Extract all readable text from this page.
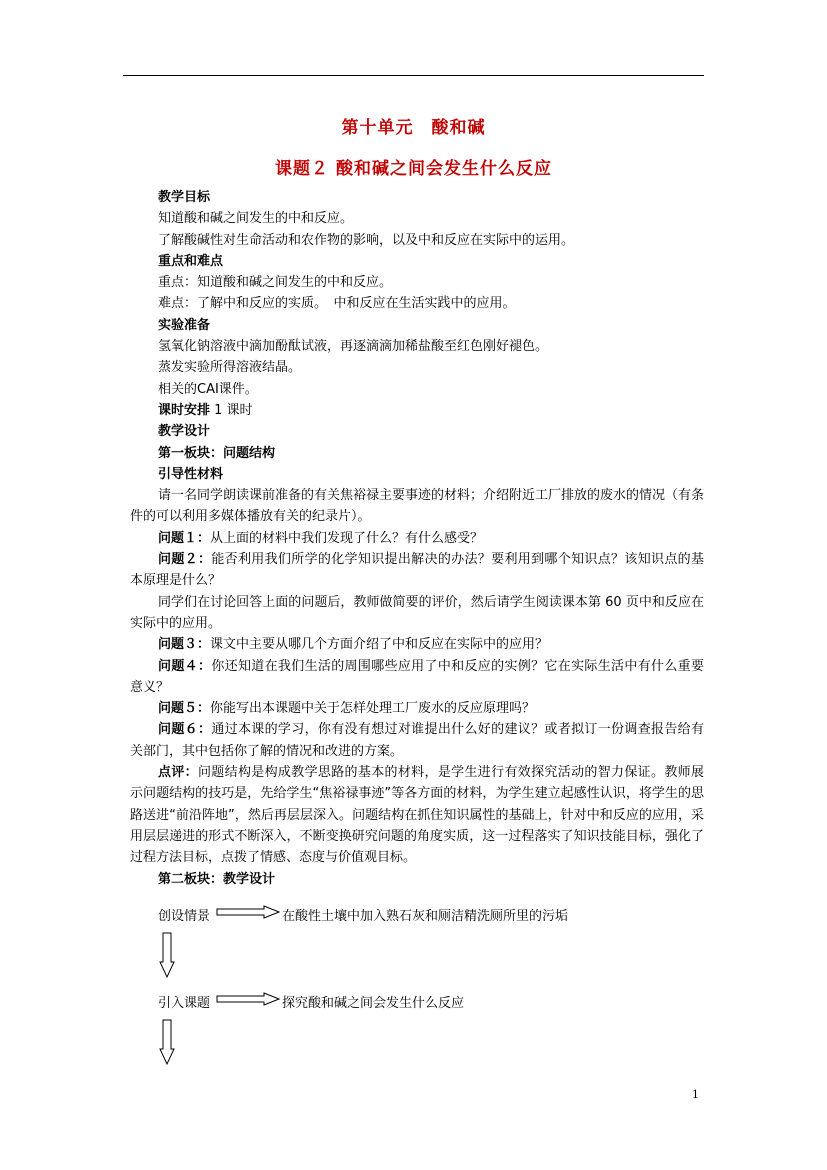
第十单元　酸和碱
课题２ 酸和碱之间会发生什么反应

教学目标

知道酸和碱之间发生的中和反应。

了解酸碱性对生命活动和农作物的影响，以及中和反应在实际中的运用。

重点和难点

重点：知道酸和碱之间发生的中和反应。

难点：了解中和反应的实质。　中和反应在生活实践中的应用。

实验准备

氢氧化钠溶液中滴加酚酞试液，再逐滴滴加稀盐酸至红色刚好褪色。

蒸发实验所得溶液结晶。

相关的CAI课件。

课时安排 1 课时

教学设计

第一板块：问题结构

引导性材料

请一名同学朗读课前准备的有关焦裕禄主要事迹的材料；介绍附近工厂排放的废水的情况（有条件的可以利用多媒体播放有关的纪录片）。

问题１：从上面的材料中我们发现了什么？有什么感受？

问题２：能否利用我们所学的化学知识提出解决的办法？要利用到哪个知识点？该知识点的基本原理是什么？

同学们在讨论回答上面的问题后，教师做简要的评价，然后请学生阅读课本第 60 页中和反应在实际中的应用。

问题３：课文中主要从哪几个方面介绍了中和反应在实际中的应用？

问题４：你还知道在我们生活的周围哪些应用了中和反应的实例？它在实际生活中有什么重要意义？

问题５：你能写出本课题中关于怎样处理工厂废水的反应原理吗？

问题６：通过本课的学习，你有没有想过对谁提出什么好的建议？或者拟订一份调查报告给有关部门，其中包括你了解的情况和改进的方案。

点评：问题结构是构成教学思路的基本的材料，是学生进行有效探究活动的智力保证。教师展示问题结构的技巧是，先给学生“焦裕禄事迹”等各方面的材料，为学生建立起感性认识，将学生的思路送进“前沿阵地”，然后再层层深入。问题结构在抓住知识属性的基础上，针对中和反应的应用，采用层层递进的形式不断深入，不断变换研究问题的角度实质，这一过程落实了知识技能目标，强化了过程方法目标，点拨了情感、态度与价值观目标。

第二板块：教学设计

创设情景	在酸性土壤中加入熟石灰和厕洁精洗厕所里的污垢
引入课题	探究酸和碱之间会发生什么反应
1
